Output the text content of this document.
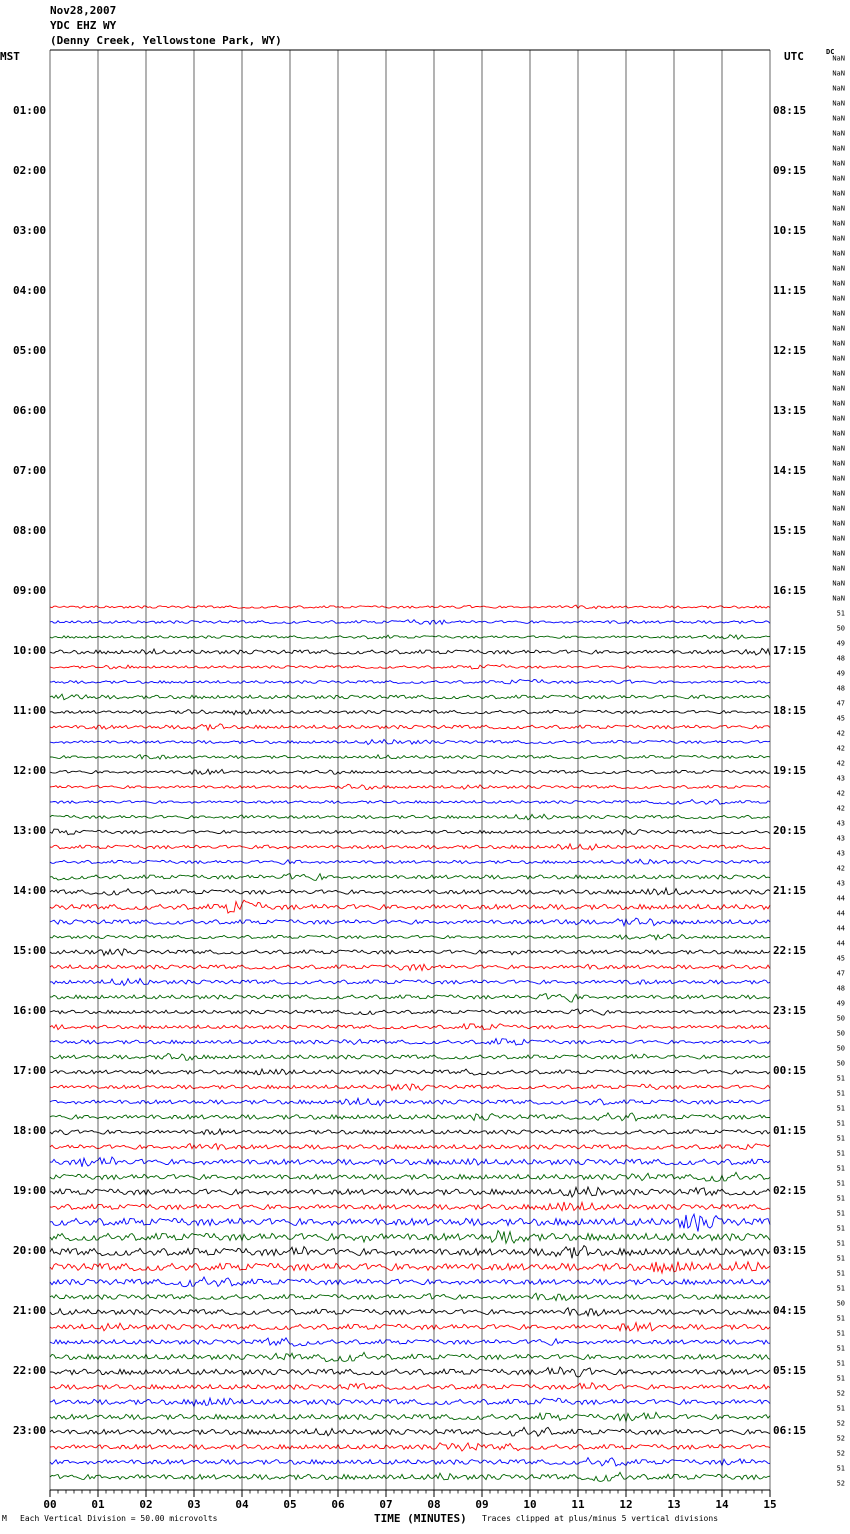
Nov28,2007
YDC EHZ WY
(Denny Creek, Yellowstone Park, WY)
MST	UTC	DC
00	01	02	03	04	05	06	07	08	09	10	11	12	13	14	15
01:00
02:00
03:00
04:00
05:00
06:00
07:00
08:00
09:00
10:00
11:00
12:00
13:00
14:00
15:00
16:00
17:00
18:00
19:00
20:00
21:00
22:00
23:00
08:15
09:15
10:15
11:15
12:15
13:15
14:15
15:15
16:15
17:15
18:15
19:15
20:15
21:15
22:15
23:15
00:15
01:15
02:15
03:15
04:15
05:15
06:15
NaN
NaN
NaN
NaN
NaN
NaN
NaN
NaN
NaN
NaN
NaN
NaN
NaN
NaN
NaN
NaN
NaN
NaN
NaN
NaN
NaN
NaN
NaN
NaN
NaN
NaN
NaN
NaN
NaN
NaN
NaN
NaN
NaN
NaN
NaN
NaN
NaN
51
50
49
48
49
48
47
45
42
42
42
43
42
42
43
43
43
42
43
44
44
44
44
45
47
48
49
50
50
50
50
51
51
51
51
51
51
51
51
51
51
51
51
51
51
51
50
51
51
51
51
51
52
51
52
52
52
51
52
TIME (MINUTES)
M Each Vertical Division = 50.00 microvolts	Traces clipped at plus/minus 5 vertical divisions
